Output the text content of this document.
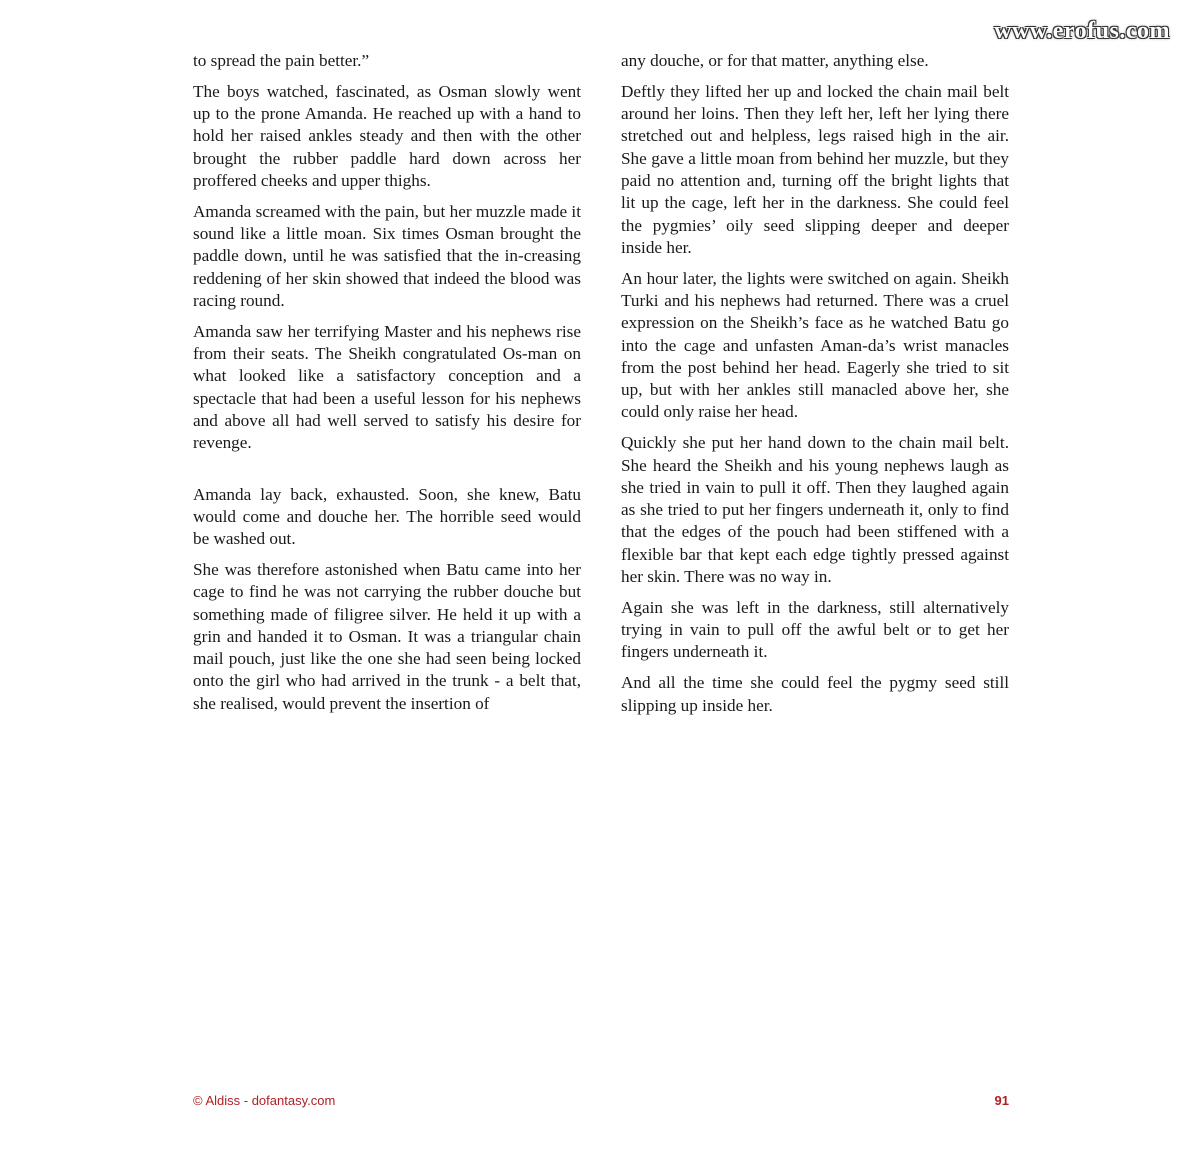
www.erofus.com

to spread the pain better.”

The boys watched, fascinated, as Osman slowly went up to the prone Amanda. He reached up with a hand to hold her raised ankles steady and then with the other brought the rubber paddle hard down across her proffered cheeks and upper thighs.

Amanda screamed with the pain, but her muzzle made it sound like a little moan. Six times Osman brought the paddle down, until he was satisfied that the in-creasing reddening of her skin showed that indeed the blood was racing round.

Amanda saw her terrifying Master and his nephews rise from their seats. The Sheikh congratulated Os-man on what looked like a satisfactory conception and a spectacle that had been a useful lesson for his nephews and above all had well served to satisfy his desire for revenge.

Amanda lay back, exhausted. Soon, she knew, Batu would come and douche her. The horrible seed would be washed out.

She was therefore astonished when Batu came into her cage to find he was not carrying the rubber douche but something made of filigree silver. He held it up with a grin and handed it to Osman. It was a triangular chain mail pouch, just like the one she had seen being locked onto the girl who had arrived in the trunk - a belt that, she realised, would prevent the insertion of

any douche, or for that matter, anything else.

Deftly they lifted her up and locked the chain mail belt around her loins. Then they left her, left her lying there stretched out and helpless, legs raised high in the air. She gave a little moan from behind her muzzle, but they paid no attention and, turning off the bright lights that lit up the cage, left her in the darkness. She could feel the pygmies’ oily seed slipping deeper and deeper inside her.

An hour later, the lights were switched on again. Sheikh Turki and his nephews had returned. There was a cruel expression on the Sheikh’s face as he watched Batu go into the cage and unfasten Aman-da’s wrist manacles from the post behind her head. Eagerly she tried to sit up, but with her ankles still manacled above her, she could only raise her head.

Quickly she put her hand down to the chain mail belt. She heard the Sheikh and his young nephews laugh as she tried in vain to pull it off. Then they laughed again as she tried to put her fingers underneath it, only to find that the edges of the pouch had been stiffened with a flexible bar that kept each edge tightly pressed against her skin. There was no way in.

Again she was left in the darkness, still alternatively trying in vain to pull off the awful belt or to get her fingers underneath it.

And all the time she could feel the pygmy seed still slipping up inside her.

© Aldiss - dofantasy.com	91
